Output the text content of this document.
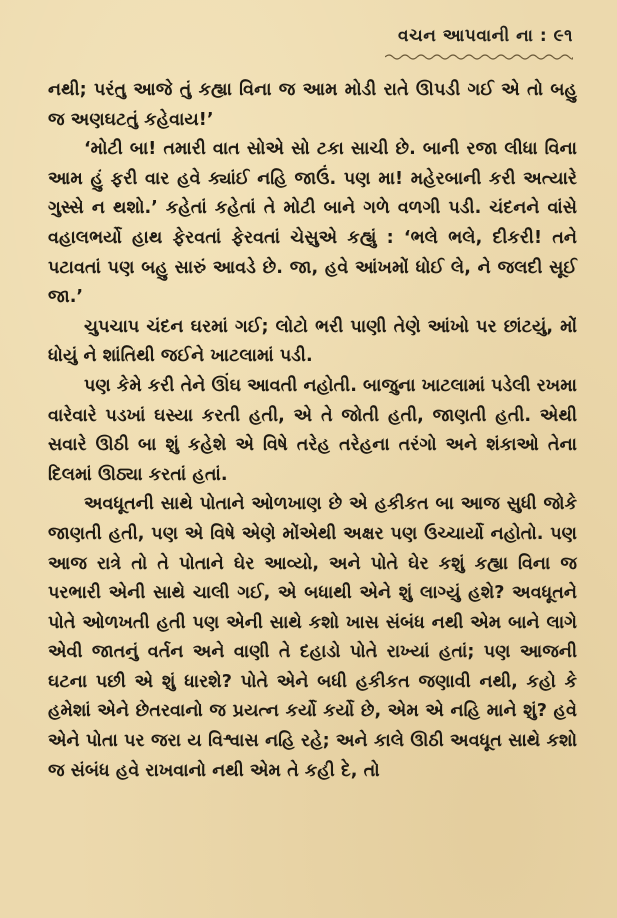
વચન આપવાની ના : ૯૧

નથી; પરંતુ આજે તું કહ્યા વિના જ આમ મોડી રાતે ઊપડી ગઈ એ તો બહુ જ અણઘટતું કહેવાય!’

‘મોટી બા! તમારી વાત સોએ સો ટકા સાચી છે. બાની રજા લીધા વિના આમ હું ફરી વાર હવે ક્યાંઈ નહિ જાઉં. પણ મા! મહેરબાની કરી અત્યારે ગુસ્સે ન થશો.’ કહેતાં કહેતાં તે મોટી બાને ગળે વળગી પડી. ચંદનને વાંસે વહાલભર્યો હાથ ફેરવતાં ફેરવતાં ચેસુએ કહ્યું : ‘ભલે ભલે, દીકરી! તને પટાવતાં પણ બહુ સારું આવડે છે. જા, હવે આંખમોં ધોઈ લે, ને જલદી સૂઈ જા.’

ચુપચાપ ચંદન ઘરમાં ગઈ; લોટો ભરી પાણી તેણે આંખો પર છાંટયું, મોં ધોયું ને શાંતિથી જઈને ખાટલામાં પડી.

પણ કેમે કરી તેને ઊંઘ આવતી નહોતી. બાજુના ખાટલામાં પડેલી રખમા વારેવારે પડખાં ઘસ્યા કરતી હતી, એ તે જોતી હતી, જાણતી હતી. એથી સવારે ઊઠી બા શું કહેશે એ વિષે તરેહ તરેહના તરંગો અને શંકાઓ તેના દિલમાં ઊઠ્યા કરતાં હતાં.

અવધૂતની સાથે પોતાને ઓળખાણ છે એ હકીકત બા આજ સુધી જોકે જાણતી હતી, પણ એ વિષે એણે મોંએથી અક્ષર પણ ઉચ્ચાર્યો નહોતો. પણ આજ રાત્રે તો તે પોતાને ઘેર આવ્યો, અને પોતે ઘેર કશું કહ્યા વિના જ પરભારી એની સાથે ચાલી ગઈ, એ બધાથી એને શું લાગ્યું હશે? અવધૂતને પોતે ઓળખતી હતી પણ એની સાથે કશો ખાસ સંબંધ નથી એમ બાને લાગે એવી જાતનું વર્તન અને વાણી તે દહાડો પોતે રાખ્યાં હતાં; પણ આજની ઘટના પછી એ શું ધારશે? પોતે એને બધી હકીકત જણાવી નથી, કહો કે હમેશાં એને છેતરવાનો જ પ્રયત્ન કર્યો કર્યો છે, એમ એ નહિ માને શું? હવે એને પોતા પર જરા ય વિશ્વાસ નહિ રહે; અને કાલે ઊઠી અવધૂત સાથે કશો જ સંબંધ હવે રાખવાનો નથી એમ તે કહી દે, તો
